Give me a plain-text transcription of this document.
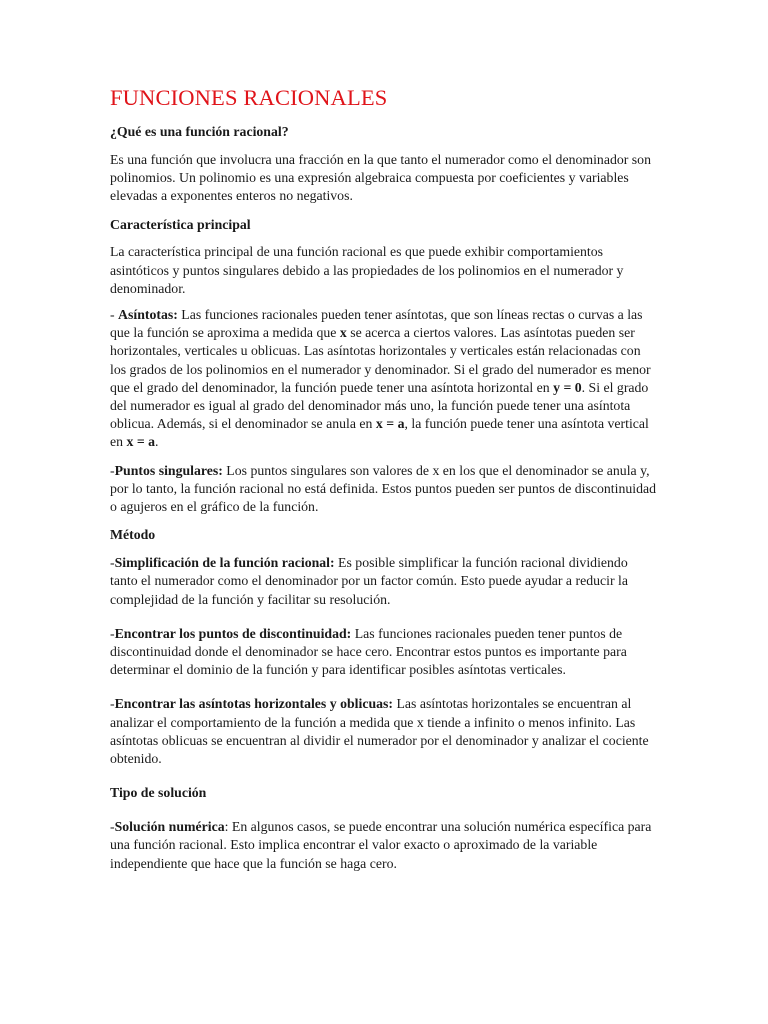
FUNCIONES RACIONALES
¿Qué es una función racional?

Es una función que involucra una fracción en la que tanto el numerador como el denominador son polinomios. Un polinomio es una expresión algebraica compuesta por coeficientes y variables elevadas a exponentes enteros no negativos.

Característica principal

La característica principal de una función racional es que puede exhibir comportamientos asintóticos y puntos singulares debido a las propiedades de los polinomios en el numerador y denominador.

- Asíntotas: Las funciones racionales pueden tener asíntotas, que son líneas rectas o curvas a las que la función se aproxima a medida que x se acerca a ciertos valores. Las asíntotas pueden ser horizontales, verticales u oblicuas. Las asíntotas horizontales y verticales están relacionadas con los grados de los polinomios en el numerador y denominador. Si el grado del numerador es menor que el grado del denominador, la función puede tener una asíntota horizontal en y = 0. Si el grado del numerador es igual al grado del denominador más uno, la función puede tener una asíntota oblicua. Además, si el denominador se anula en x = a, la función puede tener una asíntota vertical en x = a.

-Puntos singulares: Los puntos singulares son valores de x en los que el denominador se anula y, por lo tanto, la función racional no está definida. Estos puntos pueden ser puntos de discontinuidad o agujeros en el gráfico de la función.

Método

-Simplificación de la función racional: Es posible simplificar la función racional dividiendo tanto el numerador como el denominador por un factor común. Esto puede ayudar a reducir la complejidad de la función y facilitar su resolución.

-Encontrar los puntos de discontinuidad: Las funciones racionales pueden tener puntos de discontinuidad donde el denominador se hace cero. Encontrar estos puntos es importante para determinar el dominio de la función y para identificar posibles asíntotas verticales.

-Encontrar las asíntotas horizontales y oblicuas: Las asíntotas horizontales se encuentran al analizar el comportamiento de la función a medida que x tiende a infinito o menos infinito. Las asíntotas oblicuas se encuentran al dividir el numerador por el denominador y analizar el cociente obtenido.

Tipo de solución

-Solución numérica: En algunos casos, se puede encontrar una solución numérica específica para una función racional. Esto implica encontrar el valor exacto o aproximado de la variable independiente que hace que la función se haga cero.
